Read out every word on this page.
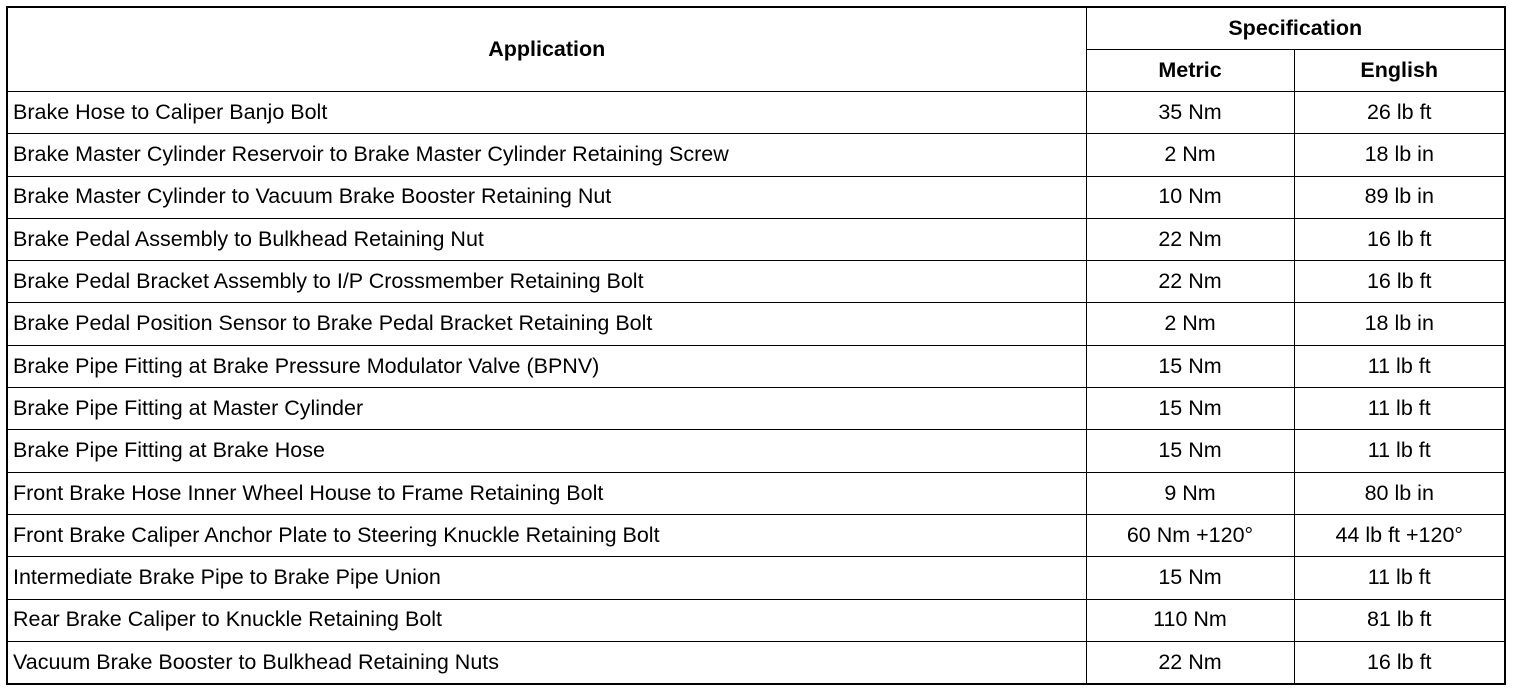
Application	Specification	
	Metric	English
Brake Hose to Caliper Banjo Bolt	35 Nm	26 lb ft
Brake Master Cylinder Reservoir to Brake Master Cylinder Retaining Screw	2 Nm	18 lb in
Brake Master Cylinder to Vacuum Brake Booster Retaining Nut	10 Nm	89 lb in
Brake Pedal Assembly to Bulkhead Retaining Nut	22 Nm	16 lb ft
Brake Pedal Bracket Assembly to I/P Crossmember Retaining Bolt	22 Nm	16 lb ft
Brake Pedal Position Sensor to Brake Pedal Bracket Retaining Bolt	2 Nm	18 lb in
Brake Pipe Fitting at Brake Pressure Modulator Valve (BPNV)	15 Nm	11 lb ft
Brake Pipe Fitting at Master Cylinder	15 Nm	11 lb ft
Brake Pipe Fitting at Brake Hose	15 Nm	11 lb ft
Front Brake Hose Inner Wheel House to Frame Retaining Bolt	9 Nm	80 lb in
Front Brake Caliper Anchor Plate to Steering Knuckle Retaining Bolt	60 Nm +120°	44 lb ft +120°
Intermediate Brake Pipe to Brake Pipe Union	15 Nm	11 lb ft
Rear Brake Caliper to Knuckle Retaining Bolt	110 Nm	81 lb ft
Vacuum Brake Booster to Bulkhead Retaining Nuts	22 Nm	16 lb ft
